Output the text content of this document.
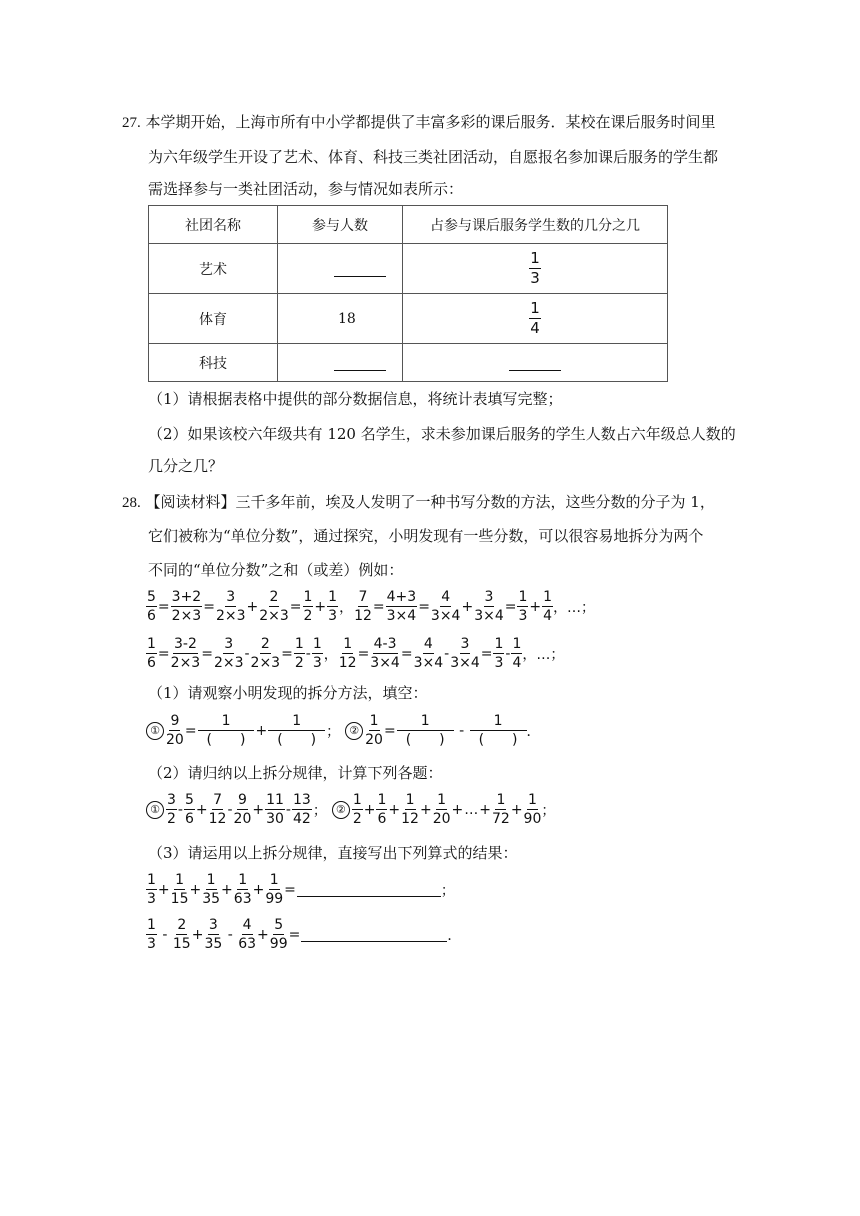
27. 本学期开始，上海市所有中小学都提供了丰富多彩的课后服务．某校在课后服务时间里
为六年级学生开设了艺术、体育、科技三类社团活动，自愿报名参加课后服务的学生都
需选择参与一类社团活动，参与情况如表所示：
社团名称	参与人数	占参与课后服务学生数的几分之几
艺术		$\frac{1}{3}$

体育	18	$\frac{1}{4}$

科技		
（1）请根据表格中提供的部分数据信息，将统计表填写完整；
（2）如果该校六年级共有 120 名学生，求未参加课后服务的学生人数占六年级总人数的
几分之几？
28. 【阅读材料】三千多年前，埃及人发明了一种书写分数的方法，这些分数的分子为 1，
它们被称为“单位分数”，通过探究，小明发现有一些分数，可以很容易地拆分为两个
不同的“单位分数”之和（或差）例如：
$\frac{5}{6} = \frac{3+2}{2\times 3} = \frac{3}{2\times 3} + \frac{2}{2\times 3} = \frac{1}{2} + \frac{1}{3}$ ， $\frac{7}{12} = \frac{4+3}{3\times 4} = \frac{4}{3\times 4} + \frac{3}{3\times 4} = \frac{1}{3} + \frac{1}{4}$ ，…；
$\frac{1}{6} = \frac{3-2}{2\times 3} = \frac{3}{2\times 3} - \frac{2}{2\times 3} = \frac{1}{2} - \frac{1}{3}$ ， $\frac{1}{12} = \frac{4-3}{3\times 4} = \frac{4}{3\times 4} - \frac{3}{3\times 4} = \frac{1}{3} - \frac{1}{4}$ ，…；
（1）请观察小明发现的拆分方法，填空：
① $\frac{9}{20} = \frac{1}{( )} + \frac{1}{( )}$ ； ② $\frac{1}{20} = \frac{1}{( )} - \frac{1}{( )}$ ．
（2）请归纳以上拆分规律，计算下列各题：
① $\frac{3}{2} - \frac{5}{6} + \frac{7}{12} - \frac{9}{20} + \frac{11}{30} - \frac{13}{42}$ ； ② $\frac{1}{2} + \frac{1}{6} + \frac{1}{12} + \frac{1}{20}$ + … + $\frac{1}{72} + \frac{1}{90}$ ；
（3）请运用以上拆分规律，直接写出下列算式的结果：
$\frac{1}{3} + \frac{1}{15} + \frac{1}{35} + \frac{1}{63} + \frac{1}{99}$ =	；
$\frac{1}{3} - \frac{2}{15} + \frac{3}{35} - \frac{4}{63} + \frac{5}{99}$ =	．
